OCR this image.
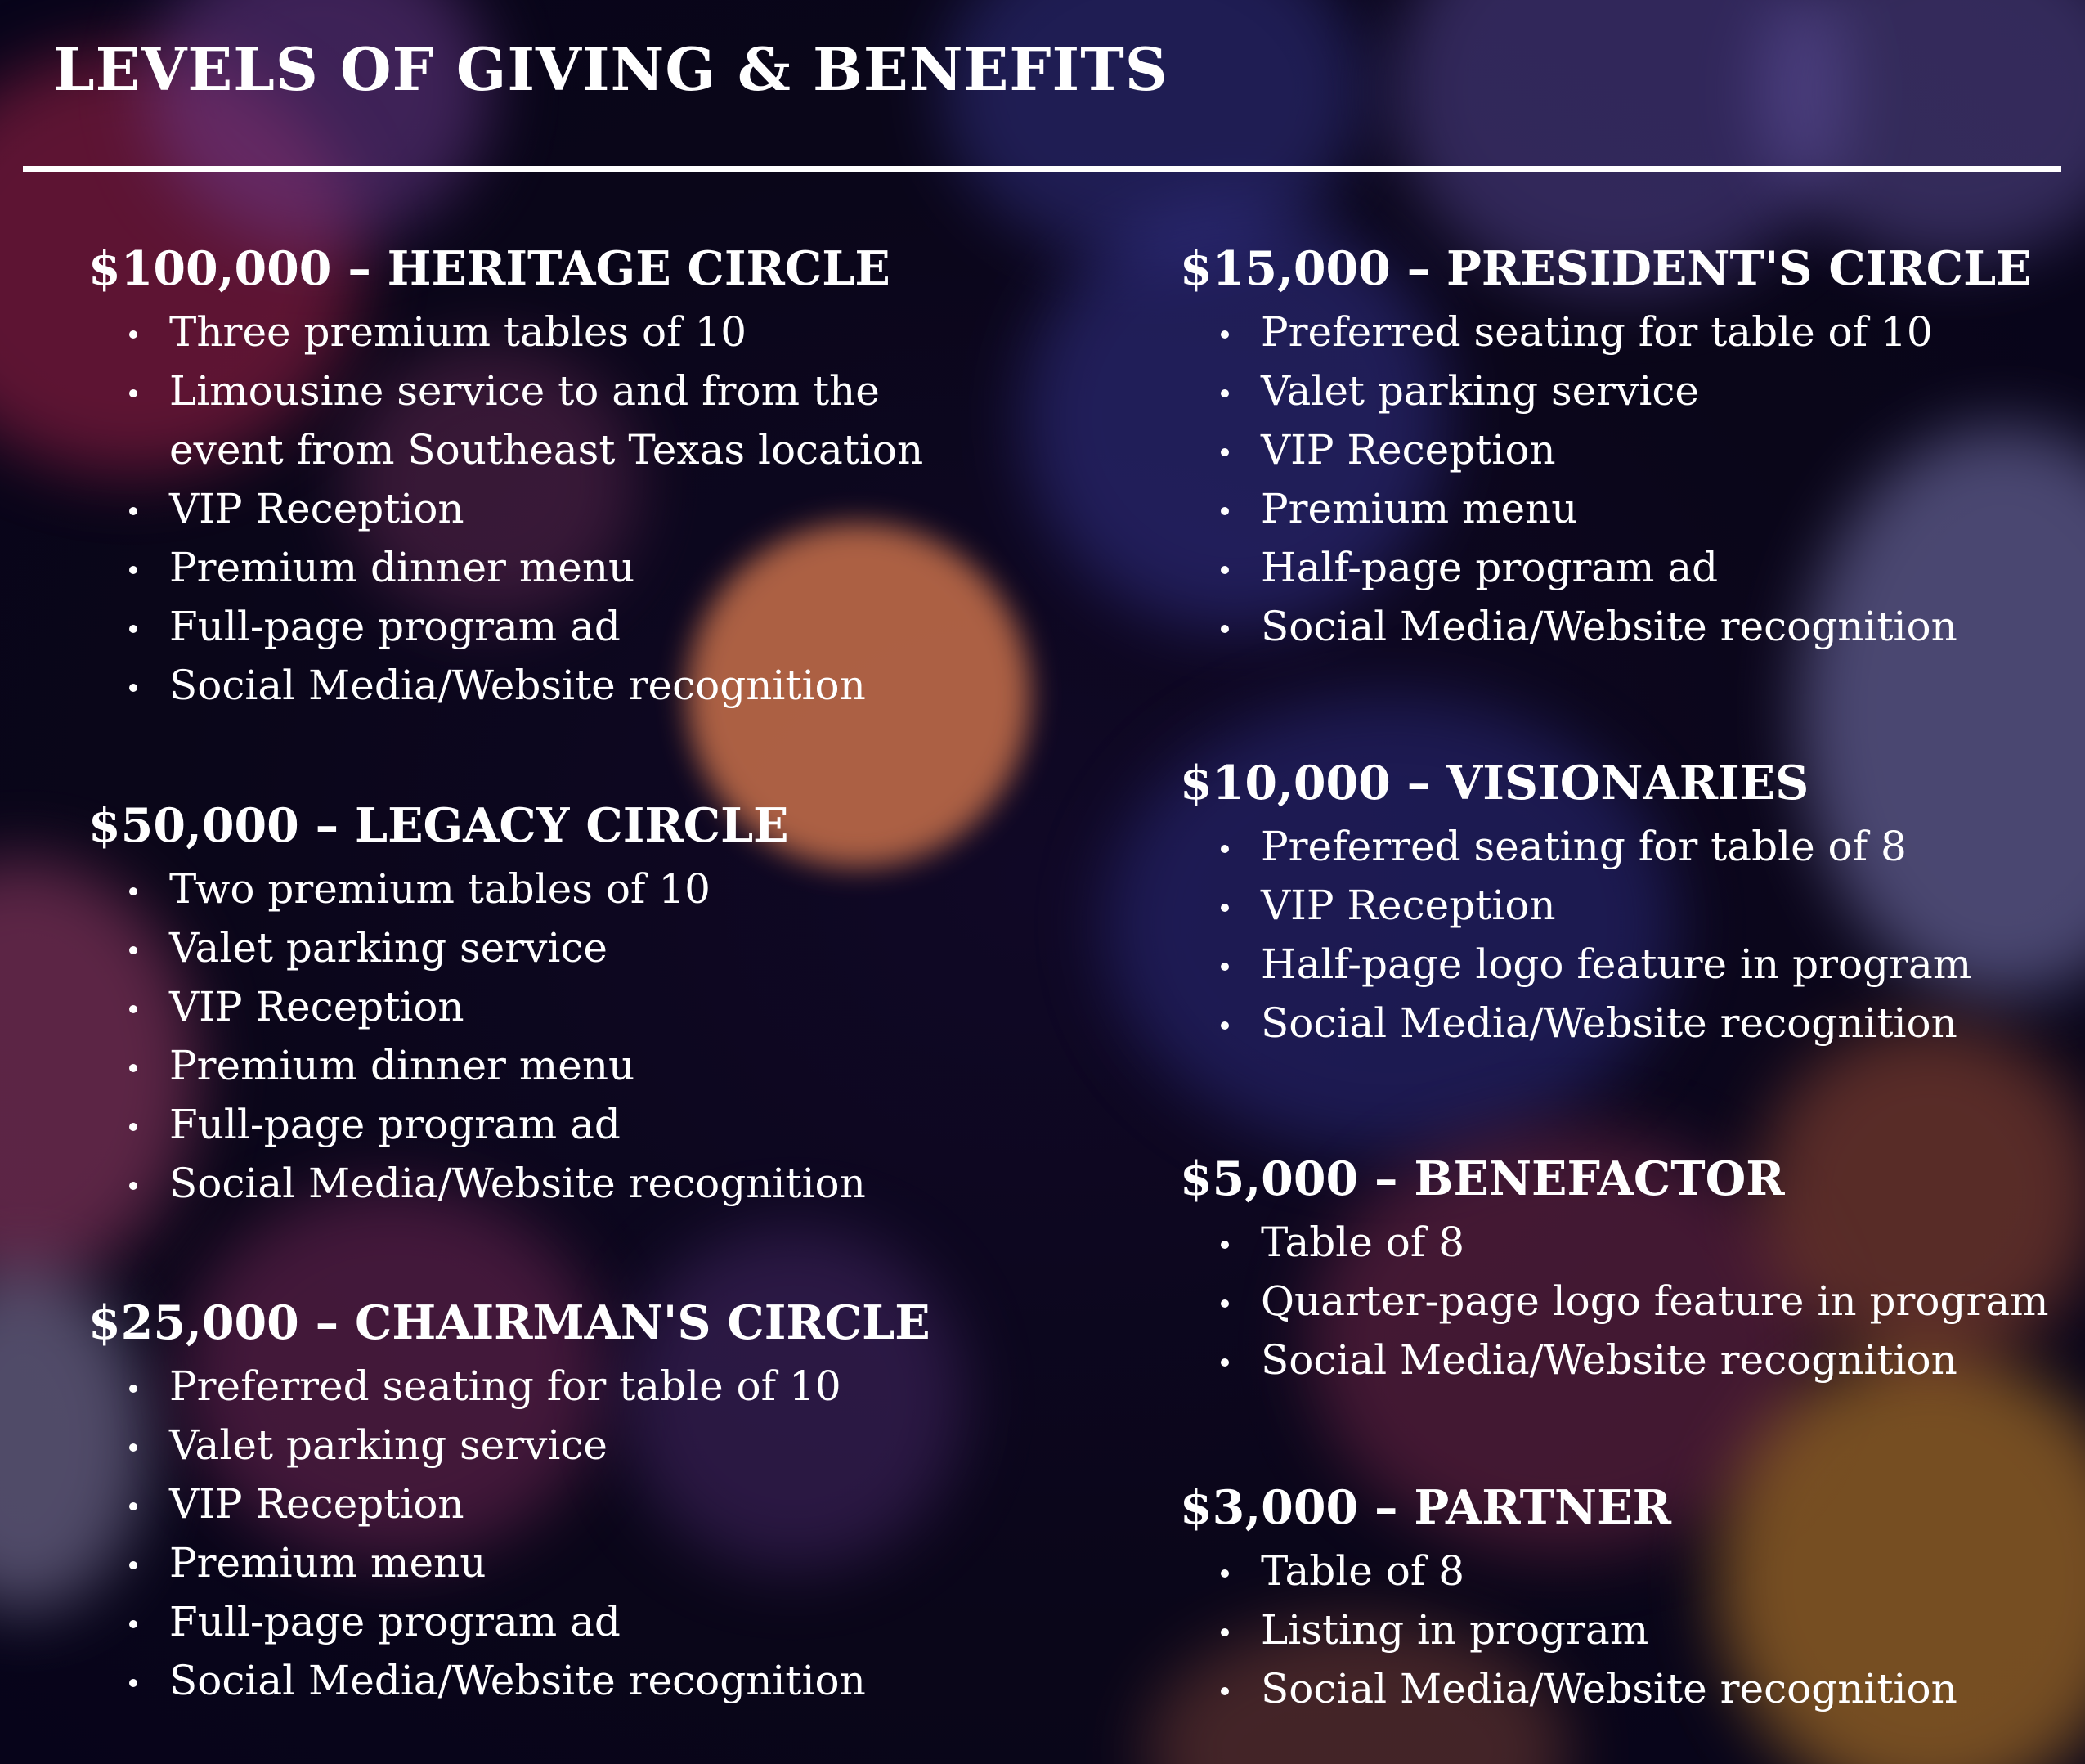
LEVELS OF GIVING & BENEFITS
$100,000 – HERITAGE CIRCLE
Three premium tables of 10
Limousine service to and from the
event from Southeast Texas location
VIP Reception
Premium dinner menu
Full-page program ad
Social Media/Website recognition
$50,000 – LEGACY CIRCLE
Two premium tables of 10
Valet parking service
VIP Reception
Premium dinner menu
Full-page program ad
Social Media/Website recognition
$25,000 – CHAIRMAN'S CIRCLE
Preferred seating for table of 10
Valet parking service
VIP Reception
Premium menu
Full-page program ad
Social Media/Website recognition
$15,000 – PRESIDENT'S CIRCLE
Preferred seating for table of 10
Valet parking service
VIP Reception
Premium menu
Half-page program ad
Social Media/Website recognition
$10,000 – VISIONARIES
Preferred seating for table of 8
VIP Reception
Half-page logo feature in program
Social Media/Website recognition
$5,000 – BENEFACTOR
Table of 8
Quarter-page logo feature in program
Social Media/Website recognition
$3,000 – PARTNER
Table of 8
Listing in program
Social Media/Website recognition
